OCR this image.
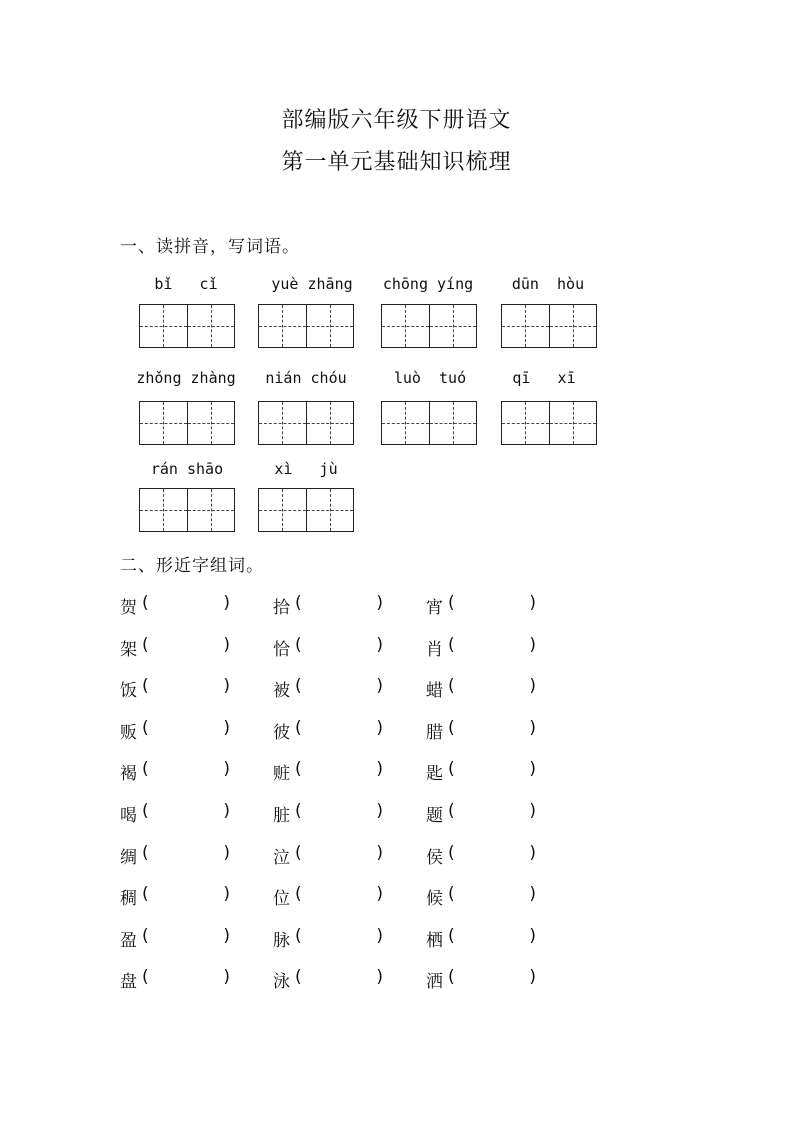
部编版六年级下册语文
第一单元基础知识梳理
一、读拼音，写词语。
bǐ   cǐ	yuè zhāng	chōng yíng	dūn  hòu
zhǒng zhàng	nián chóu	luò  tuó	qī   xī
rán shāo	xì   jù
二、形近字组词。
贺 (	)	拾 (	)	宵 (	)
架 (	)	恰 (	)	肖 (	)
饭 (	)	被 (	)	蜡 (	)
贩 (	)	彼 (	)	腊 (	)
褐 (	)	赃 (	)	匙 (	)
喝 (	)	脏 (	)	题 (	)
绸 (	)	泣 (	)	侯 (	)
稠 (	)	位 (	)	候 (	)
盈 (	)	脉 (	)	栖 (	)
盘 (	)	泳 (	)	洒 (	)
